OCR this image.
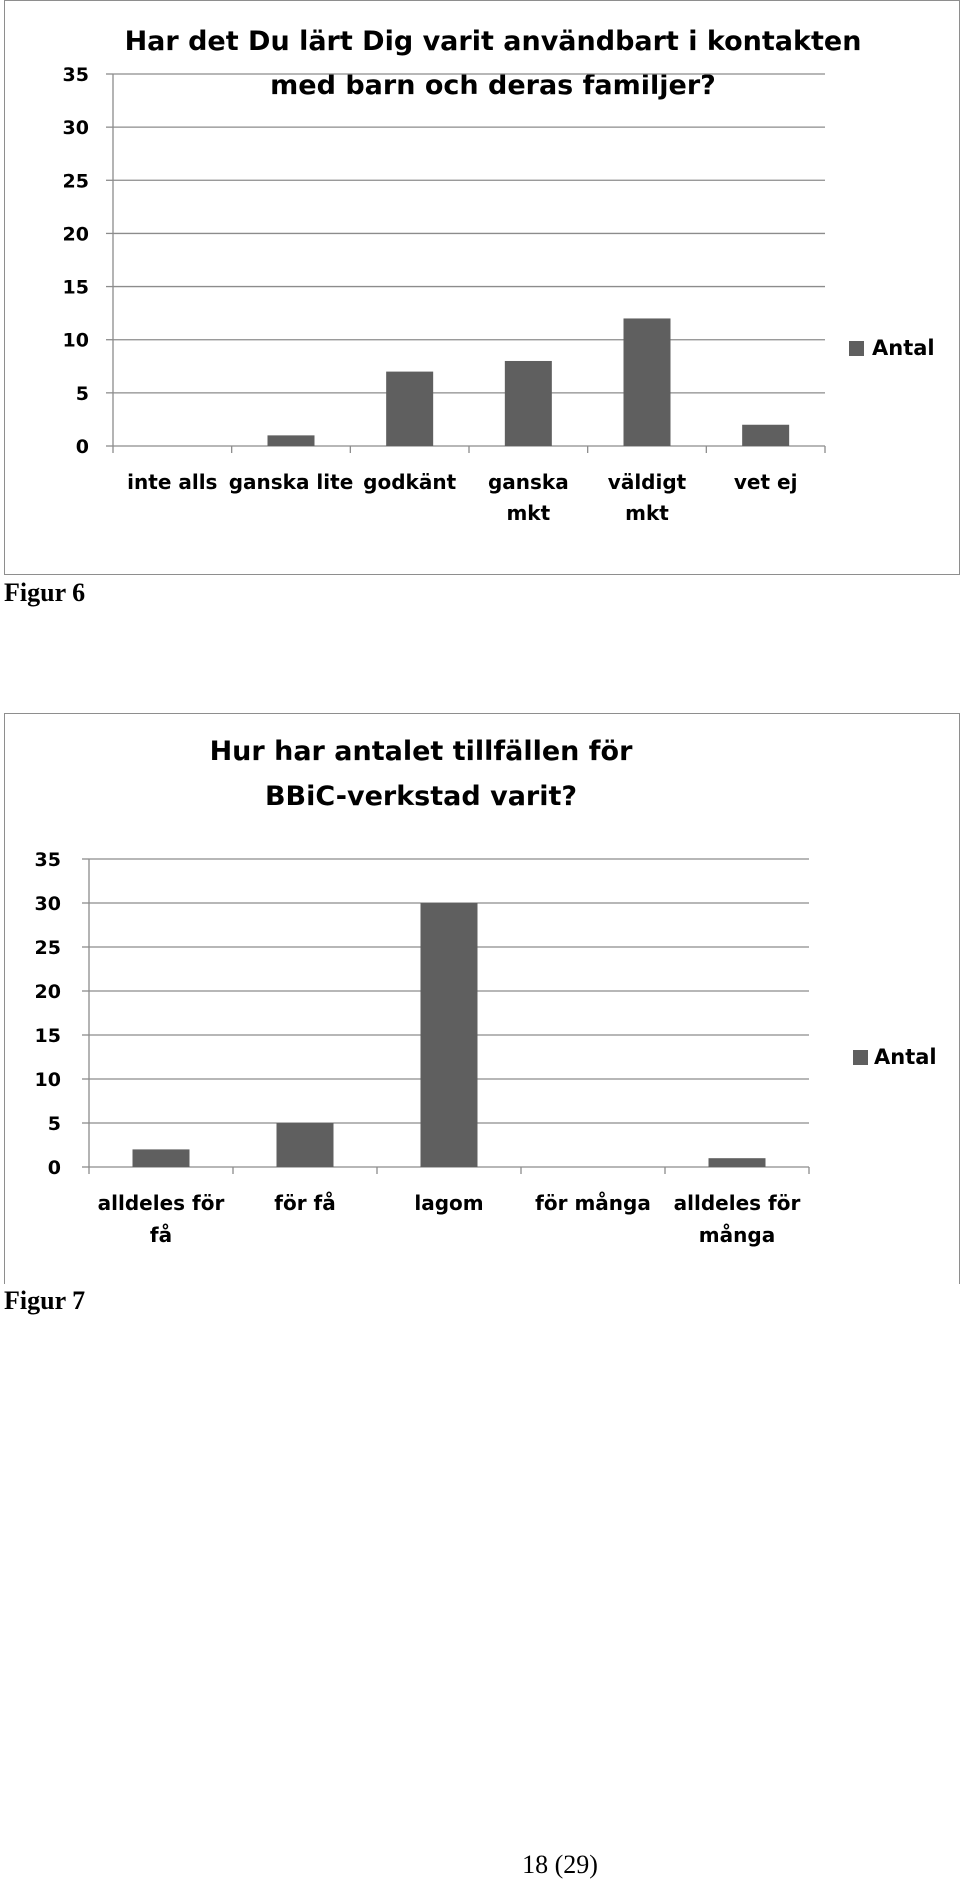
Har det Du lärt Dig varit användbart i kontakten
med barn och deras familjer?
0
5
10
15
20
25
30
35
inte alls ganska lite godkänt ganska
mkt
väldigt
mkt
vet ej
Antal

Figur 6

Hur har antalet tillfällen för
BBiC-verkstad varit?
0
5
10
15
20
25
30
35
alldeles för
få
för få	lagom	för många alldeles för
många
Antal

Figur 7

18 (29)
